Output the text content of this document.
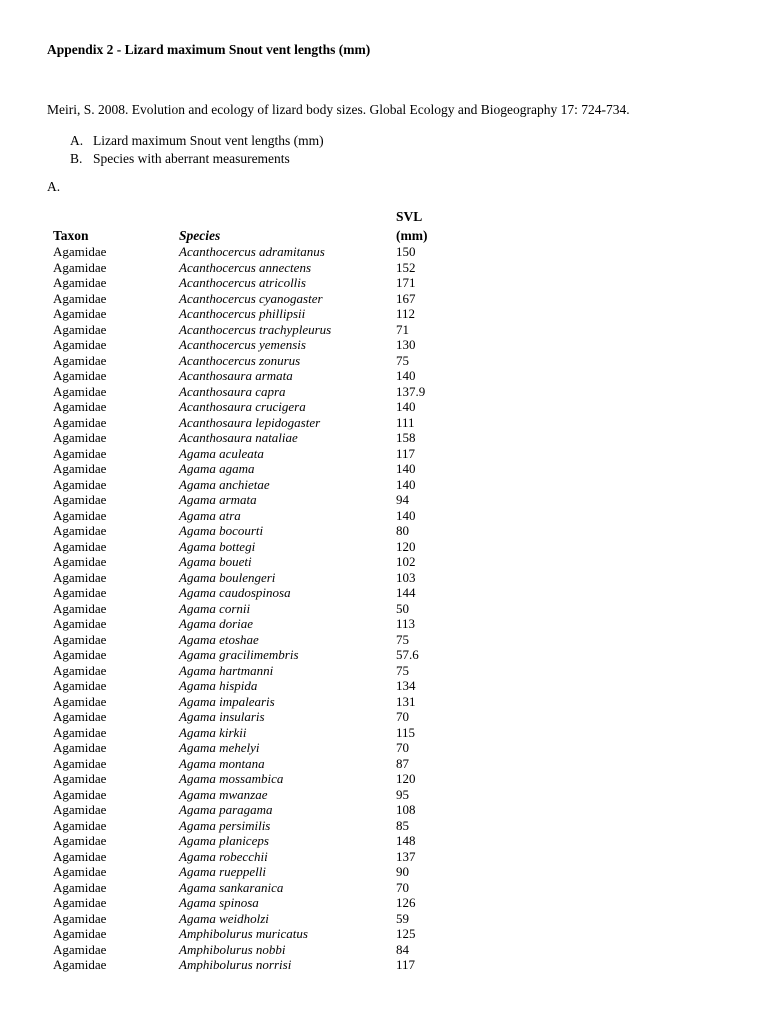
Appendix 2 - Lizard maximum Snout vent lengths (mm)
Meiri, S. 2008. Evolution and ecology of lizard body sizes. Global Ecology and Biogeography 17: 724-734.
A. Lizard maximum Snout vent lengths (mm)
B. Species with aberrant measurements
A.
SVL
Taxon	Species	(mm)
Agamidae	Acanthocercus adramitanus	150
Agamidae	Acanthocercus annectens	152
Agamidae	Acanthocercus atricollis	171
Agamidae	Acanthocercus cyanogaster	167
Agamidae	Acanthocercus phillipsii	112
Agamidae	Acanthocercus trachypleurus	71
Agamidae	Acanthocercus yemensis	130
Agamidae	Acanthocercus zonurus	75
Agamidae	Acanthosaura armata	140
Agamidae	Acanthosaura capra	137.9
Agamidae	Acanthosaura crucigera	140
Agamidae	Acanthosaura lepidogaster	111
Agamidae	Acanthosaura nataliae	158
Agamidae	Agama aculeata	117
Agamidae	Agama agama	140
Agamidae	Agama anchietae	140
Agamidae	Agama armata	94
Agamidae	Agama atra	140
Agamidae	Agama bocourti	80
Agamidae	Agama bottegi	120
Agamidae	Agama boueti	102
Agamidae	Agama boulengeri	103
Agamidae	Agama caudospinosa	144
Agamidae	Agama cornii	50
Agamidae	Agama doriae	113
Agamidae	Agama etoshae	75
Agamidae	Agama gracilimembris	57.6
Agamidae	Agama hartmanni	75
Agamidae	Agama hispida	134
Agamidae	Agama impalearis	131
Agamidae	Agama insularis	70
Agamidae	Agama kirkii	115
Agamidae	Agama mehelyi	70
Agamidae	Agama montana	87
Agamidae	Agama mossambica	120
Agamidae	Agama mwanzae	95
Agamidae	Agama paragama	108
Agamidae	Agama persimilis	85
Agamidae	Agama planiceps	148
Agamidae	Agama robecchii	137
Agamidae	Agama rueppelli	90
Agamidae	Agama sankaranica	70
Agamidae	Agama spinosa	126
Agamidae	Agama weidholzi	59
Agamidae	Amphibolurus muricatus	125
Agamidae	Amphibolurus nobbi	84
Agamidae	Amphibolurus norrisi	117
